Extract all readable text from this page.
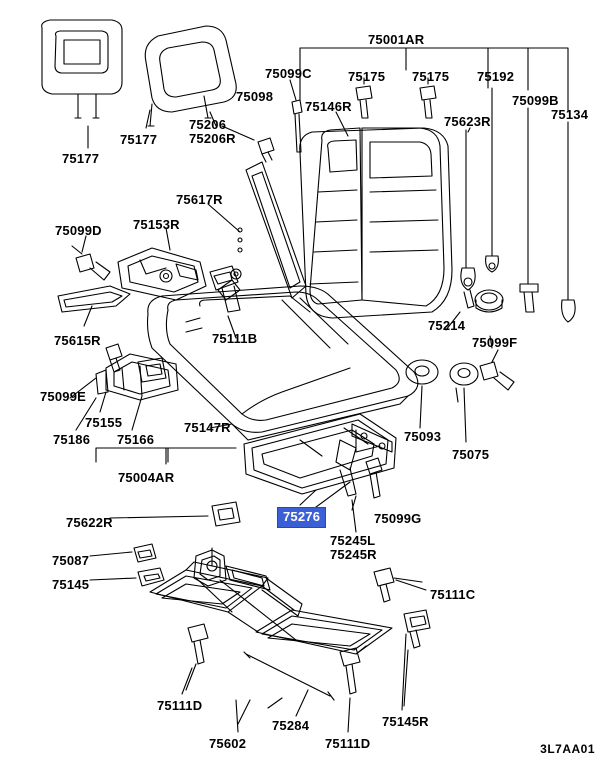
75001AR
75099C	75175 75175 75192
75098
75146R	75099B
75623R	75134
75206
75206R
75177
75177
75617R
75153R
75099D
75111B
75214
75099F
75615R
75099E
75155
75186 75166
75147R
75093
75075
75004AR
75276	75099G
75622R
75245L
75245R
75087
75145
75111C
75111D
75284	75145R
75602	75111D	3L7AA01
